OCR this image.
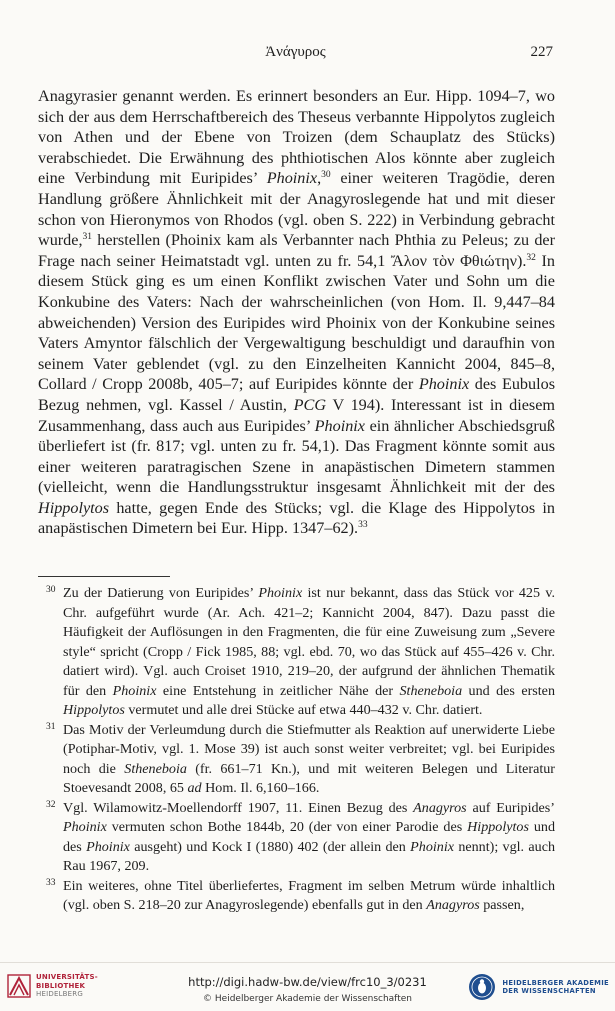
Ἀνάγυρος	227

Anagyrasier genannt werden. Es erinnert besonders an Eur. Hipp. 1094–7, wo sich der aus dem Herrschaftbereich des Theseus verbannte Hippolytos zugleich von Athen und der Ebene von Troizen (dem Schauplatz des Stücks) verabschiedet. Die Erwähnung des phthiotischen Alos könnte aber zugleich eine Verbindung mit Euripides’ Phoinix,$^{30}$ einer weiteren Tragödie, deren Handlung größere Ähnlichkeit mit der Anagyroslegende hat und mit dieser schon von Hieronymos von Rhodos (vgl. oben S. 222) in Verbindung gebracht wurde,$^{31}$ herstellen (Phoinix kam als Verbannter nach Phthia zu Peleus; zu der Frage nach seiner Heimatstadt vgl. unten zu fr. 54,1 Ἄλον τὸν Φθιώτην).$^{32}$ In diesem Stück ging es um einen Konflikt zwischen Vater und Sohn um die Konkubine des Vaters: Nach der wahrscheinlichen (von Hom. Il. 9,447–84 abweichenden) Version des Euripides wird Phoinix von der Konkubine seines Vaters Amyntor fälschlich der Vergewaltigung beschuldigt und daraufhin von seinem Vater geblendet (vgl. zu den Einzelheiten Kannicht 2004, 845–8, Collard / Cropp 2008b, 405–7; auf Euripides könnte der Phoinix des Eubulos Bezug nehmen, vgl. Kassel / Austin, PCG V 194). Interessant ist in diesem Zusammenhang, dass auch aus Euripides’ Phoinix ein ähnlicher Abschiedsgruß überliefert ist (fr. 817; vgl. unten zu fr. 54,1). Das Fragment könnte somit aus einer weiteren paratragischen Szene in anapästischen Dimetern stammen (vielleicht, wenn die Handlungsstruktur insgesamt Ähnlichkeit mit der des Hippolytos hatte, gegen Ende des Stücks; vgl. die Klage des Hippolytos in anapästischen Dimetern bei Eur. Hipp. 1347–62).$^{33}$

30 Zu der Datierung von Euripides’ Phoinix ist nur bekannt, dass das Stück vor 425 v. Chr. aufgeführt wurde (Ar. Ach. 421–2; Kannicht 2004, 847). Dazu passt die Häufigkeit der Auflösungen in den Fragmenten, die für eine Zuweisung zum „Severe style“ spricht (Cropp / Fick 1985, 88; vgl. ebd. 70, wo das Stück auf 455–426 v. Chr. datiert wird). Vgl. auch Croiset 1910, 219–20, der aufgrund der ähnlichen Thematik für den Phoinix eine Entstehung in zeitlicher Nähe der Stheneboia und des ersten Hippolytos vermutet und alle drei Stücke auf etwa 440–432 v. Chr. datiert.

31 Das Motiv der Verleumdung durch die Stiefmutter als Reaktion auf unerwiderte Liebe (Potiphar-Motiv, vgl. 1. Mose 39) ist auch sonst weiter verbreitet; vgl. bei Euripides noch die Stheneboia (fr. 661–71 Kn.), und mit weiteren Belegen und Literatur Stoevesandt 2008, 65 ad Hom. Il. 6,160–166.

32 Vgl. Wilamowitz-Moellendorff 1907, 11. Einen Bezug des Anagyros auf Euripides’ Phoinix vermuten schon Bothe 1844b, 20 (der von einer Parodie des Hippolytos und des Phoinix ausgeht) und Kock I (1880) 402 (der allein den Phoinix nennt); vgl. auch Rau 1967, 209.

33 Ein weiteres, ohne Titel überliefertes, Fragment im selben Metrum würde inhaltlich (vgl. oben S. 218–20 zur Anagyroslegende) ebenfalls gut in den Anagyros passen,

UNIVERSITÄTS-
BIBLIOTHEK
HEIDELBERG
http://digi.hadw-bw.de/view/frc10_3/0231
© Heidelberger Akademie der Wissenschaften
HEIDELBERGER AKADEMIE
DER WISSENSCHAFTEN
